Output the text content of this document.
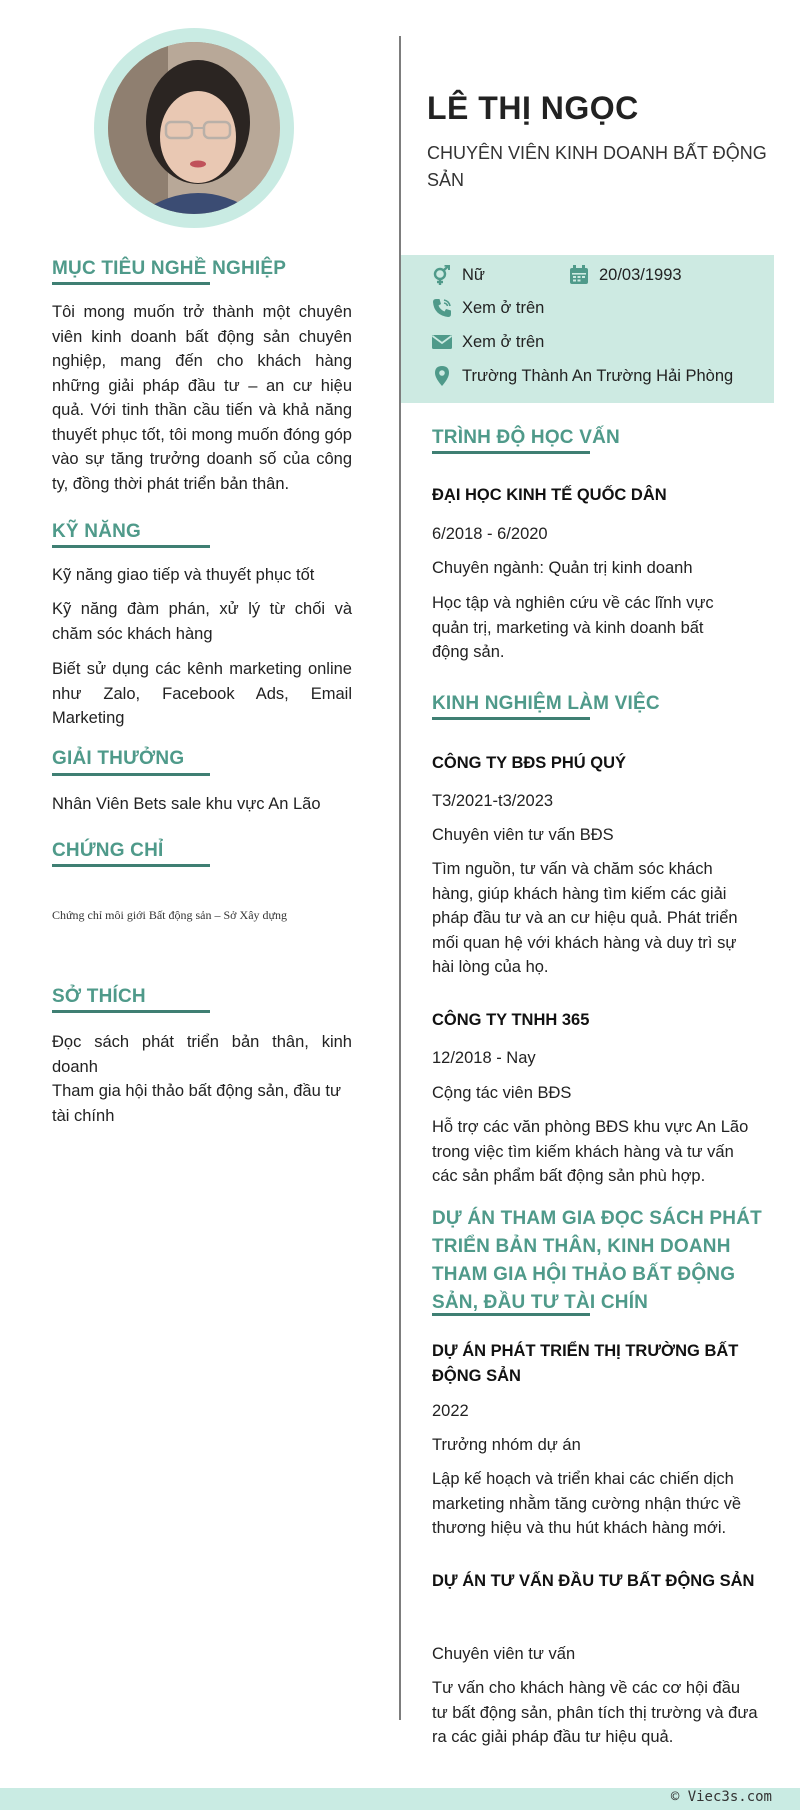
MỤC TIÊU NGHỀ NGHIỆP
Tôi mong muốn trở thành một chuyên viên kinh doanh bất động sản chuyên nghiệp, mang đến cho khách hàng những giải pháp đầu tư – an cư hiệu quả. Với tinh thần cầu tiến và khả năng thuyết phục tốt, tôi mong muốn đóng góp vào sự tăng trưởng doanh số của công ty, đồng thời phát triển bản thân.
KỸ NĂNG
Kỹ năng giao tiếp và thuyết phục tốt
Kỹ năng đàm phán, xử lý từ chối và chăm sóc khách hàng
Biết sử dụng các kênh marketing online như Zalo, Facebook Ads, Email Marketing
GIẢI THƯỞNG
Nhân Viên Bets sale khu vực An Lão
CHỨNG CHỈ
Chứng chỉ môi giới Bất động sản – Sở Xây dựng
SỞ THÍCH
Đọc sách phát triển bản thân, kinh doanh
Tham gia hội thảo bất động sản, đầu tư tài chính
LÊ THỊ NGỌC
CHUYÊN VIÊN KINH DOANH BẤT ĐỘNG SẢN
Nữ	20/03/1993
Xem ở trên
Xem ở trên
Trường Thành An Trường Hải Phòng
TRÌNH ĐỘ HỌC VẤN
ĐẠI HỌC KINH TẾ QUỐC DÂN
6/2018 - 6/2020
Chuyên ngành: Quản trị kinh doanh
Học tập và nghiên cứu về các lĩnh vực quản trị, marketing và kinh doanh bất động sản.
KINH NGHIỆM LÀM VIỆC
CÔNG TY BĐS PHÚ QUÝ
T3/2021-t3/2023
Chuyên viên tư vấn BĐS
Tìm nguồn, tư vấn và chăm sóc khách hàng, giúp khách hàng tìm kiếm các giải pháp đầu tư và an cư hiệu quả. Phát triển mối quan hệ với khách hàng và duy trì sự hài lòng của họ.
CÔNG TY TNHH 365
12/2018 - Nay
Cộng tác viên BĐS
Hỗ trợ các văn phòng BĐS khu vực An Lão trong việc tìm kiếm khách hàng và tư vấn các sản phẩm bất động sản phù hợp.
DỰ ÁN THAM GIA ĐỌC SÁCH PHÁT TRIỂN BẢN THÂN, KINH DOANH THAM GIA HỘI THẢO BẤT ĐỘNG SẢN, ĐẦU TƯ TÀI CHÍN
DỰ ÁN PHÁT TRIỂN THỊ TRƯỜNG BẤT ĐỘNG SẢN
2022
Trưởng nhóm dự án
Lập kế hoạch và triển khai các chiến dịch marketing nhằm tăng cường nhận thức về thương hiệu và thu hút khách hàng mới.
DỰ ÁN TƯ VẤN ĐẦU TƯ BẤT ĐỘNG SẢN
Chuyên viên tư vấn
Tư vấn cho khách hàng về các cơ hội đầu tư bất động sản, phân tích thị trường và đưa ra các giải pháp đầu tư hiệu quả.
© Viec3s.com
